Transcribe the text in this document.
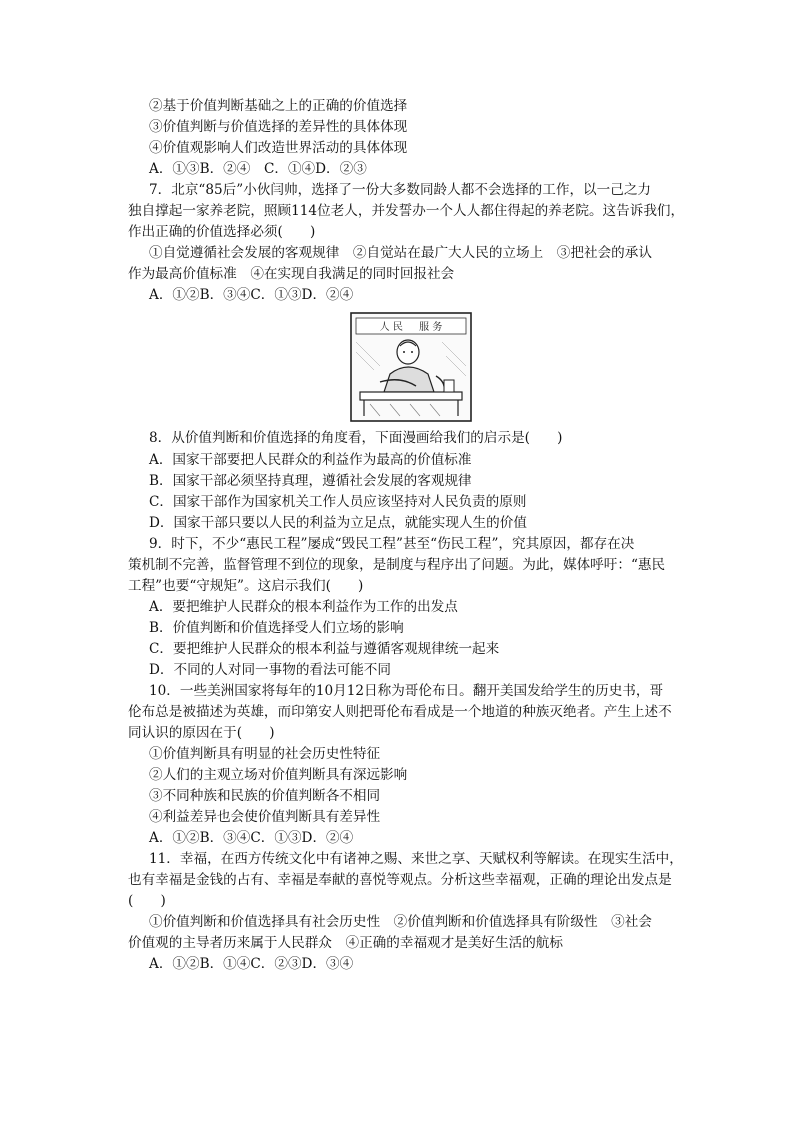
②基于价值判断基础之上的正确的价值选择
③价值判断与价值选择的差异性的具体体现
④价值观影响人们改造世界活动的具体体现
A．①③B．②④　C．①④D．②③
7．北京“85后”小伙闫帅，选择了一份大多数同龄人都不会选择的工作，以一己之力
独自撑起一家养老院，照顾114位老人，并发誓办一个人人都住得起的养老院。这告诉我们，
作出正确的价值选择必须(　　)
①自觉遵循社会发展的客观规律　②自觉站在最广大人民的立场上　③把社会的承认
作为最高价值标准　④在实现自我满足的同时回报社会
A．①②B．③④C．①③D．②④
人 民 　 服 务
8．从价值判断和价值选择的角度看，下面漫画给我们的启示是(　　)
A．国家干部要把人民群众的利益作为最高的价值标准
B．国家干部必须坚持真理，遵循社会发展的客观规律
C．国家干部作为国家机关工作人员应该坚持对人民负责的原则
D．国家干部只要以人民的利益为立足点，就能实现人生的价值
9．时下，不少“惠民工程”屡成“毁民工程”甚至“伤民工程”，究其原因，都存在决
策机制不完善，监督管理不到位的现象，是制度与程序出了问题。为此，媒体呼吁：“惠民
工程”也要“守规矩”。这启示我们(　　)
A．要把维护人民群众的根本利益作为工作的出发点
B．价值判断和价值选择受人们立场的影响
C．要把维护人民群众的根本利益与遵循客观规律统一起来
D．不同的人对同一事物的看法可能不同
10．一些美洲国家将每年的10月12日称为哥伦布日。翻开美国发给学生的历史书，哥
伦布总是被描述为英雄，而印第安人则把哥伦布看成是一个地道的种族灭绝者。产生上述不
同认识的原因在于(　　)
①价值判断具有明显的社会历史性特征
②人们的主观立场对价值判断具有深远影响
③不同种族和民族的价值判断各不相同
④利益差异也会使价值判断具有差异性
A．①②B．③④C．①③D．②④
11．幸福，在西方传统文化中有诸神之赐、来世之享、天赋权利等解读。在现实生活中，
也有幸福是金钱的占有、幸福是奉献的喜悦等观点。分析这些幸福观，正确的理论出发点是
(　　)
①价值判断和价值选择具有社会历史性　②价值判断和价值选择具有阶级性　③社会
价值观的主导者历来属于人民群众　④正确的幸福观才是美好生活的航标
A．①②B．①④C．②③D．③④
